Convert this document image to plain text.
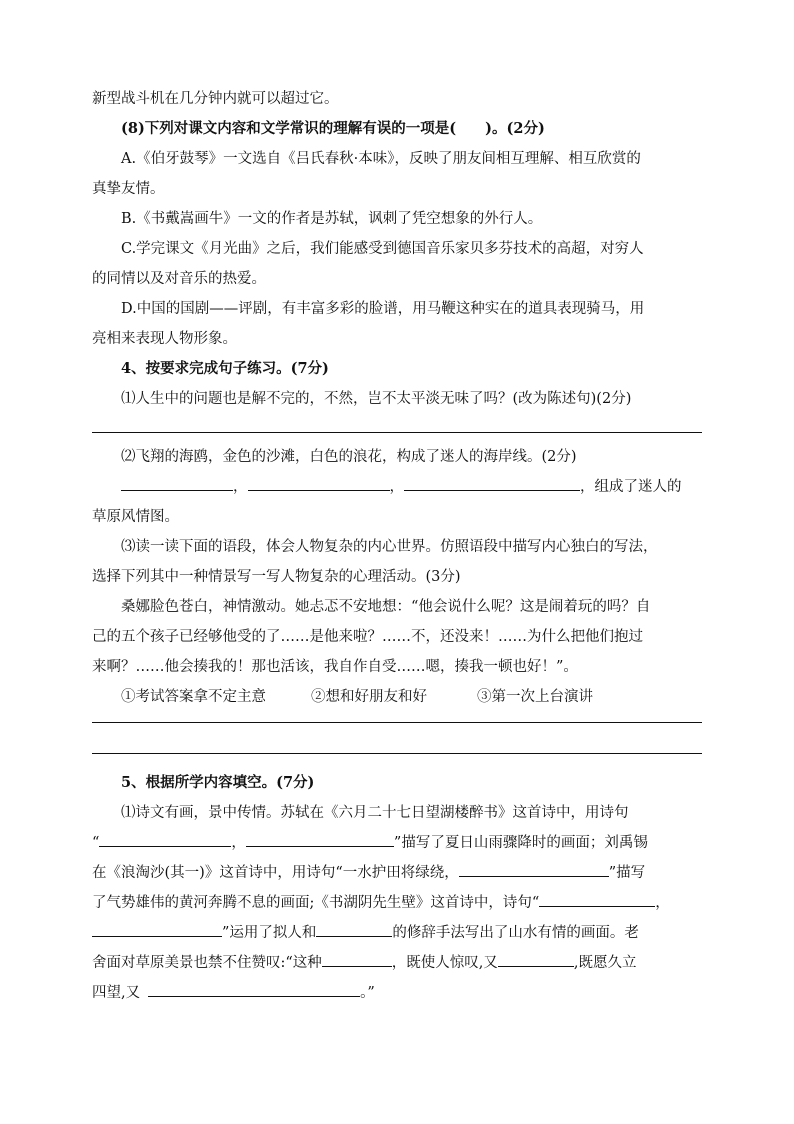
新型战斗机在几分钟内就可以超过它。

(8)下列对课文内容和文学常识的理解有误的一项是(　　)。(2分)

A.《伯牙鼓琴》一文选自《吕氏春秋·本味》，反映了朋友间相互理解、相互欣赏的

真挚友情。

B.《书戴嵩画牛》一文的作者是苏轼，讽刺了凭空想象的外行人。

C.学完课文《月光曲》之后，我们能感受到德国音乐家贝多芬技术的高超，对穷人

的同情以及对音乐的热爱。

D.中国的国剧——评剧，有丰富多彩的脸谱，用马鞭这种实在的道具表现骑马，用

亮相来表现人物形象。

4、按要求完成句子练习。(7分)

⑴人生中的问题也是解不完的，不然，岂不太平淡无味了吗？(改为陈述句)(2分)

⑵飞翔的海鸥，金色的沙滩，白色的浪花，构成了迷人的海岸线。(2分)

，	，	，组成了迷人的

草原风情图。

⑶读一读下面的语段，体会人物复杂的内心世界。仿照语段中描写内心独白的写法，

选择下列其中一种情景写一写人物复杂的心理活动。(3分)

桑娜脸色苍白，神情激动。她忐忑不安地想：“他会说什么呢？这是闹着玩的吗？自

己的五个孩子已经够他受的了……是他来啦？……不，还没来！……为什么把他们抱过

来啊？……他会揍我的！那也活该，我自作自受……嗯，揍我一顿也好！”。

①考试答案拿不定主意	②想和好朋友和好	③第一次上台演讲

5、根据所学内容填空。(7分)

⑴诗文有画，景中传情。苏轼在《六月二十七日望湖楼醉书》这首诗中，用诗句

“	，	”描写了夏日山雨骤降时的画面；刘禹锡

在《浪淘沙(其一)》这首诗中，用诗句“一水护田将绿绕，	”描写

了气势雄伟的黄河奔腾不息的画面;《书湖阴先生壁》这首诗中，诗句“	，

”运用了拟人和	的修辞手法写出了山水有情的画面。老

舍面对草原美景也禁不住赞叹:“这种	，既使人惊叹,又	,既愿久立

四望,又	。”
